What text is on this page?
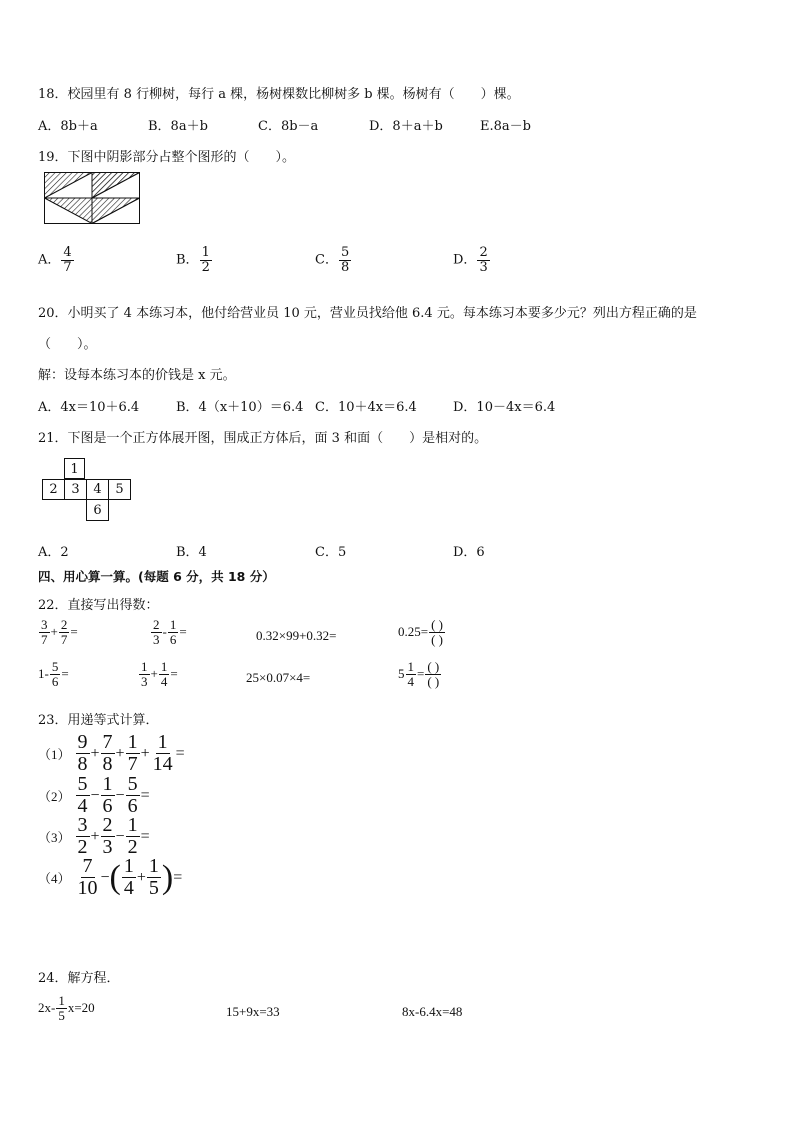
18．校园里有 8 行柳树，每行 a 棵，杨树棵数比柳树多 b 棵。杨树有（　　）棵。
A．8b＋a	B．8a＋b	C．8b－a	D．8＋a＋b	E.8a－b
19．下图中阴影部分占整个图形的（　　）。
A． $\frac{4}{7}$	B． $\frac{1}{2}$	C． $\frac{5}{8}$	D． $\frac{2}{3}$
20．小明买了 4 本练习本，他付给营业员 10 元，营业员找给他 6.4 元。每本练习本要多少元？列出方程正确的是
（　　）。
解：设每本练习本的价钱是 x 元。
A．4x＝10＋6.4	B．4（x＋10）＝6.4 C．10＋4x＝6.4	D．10－4x＝6.4
21．下图是一个正方体展开图，围成正方体后，面 3 和面（　　）是相对的。
1
2	3	4	5
6
A．2	B．4	C．5	D．6
四、用心算一算。(每题 6 分，共 18 分）
22．直接写出得数：
$\frac{3}{7} + \frac{2}{7}$ =	$\frac{2}{3} - \frac{1}{6}$ =	0.32×99+0.32=	$0.25= \frac{( )}{( )}$
$1- \frac{5}{6}$ =	$\frac{1}{3} + \frac{1}{4}$ =	25×0.07×4=	$5 \frac{1}{4} = \frac{( )}{( )}$
23．用递等式计算．
$(1) \frac{9}{8} + \frac{7}{8} + \frac{1}{7} + \frac{1}{14}$ =
$(2) \frac{5}{4} - \frac{1}{6} - \frac{5}{6}$ =
$(3) \frac{3}{2} + \frac{2}{3} - \frac{1}{2}$ =
$(4) \frac{7}{10}$ − ( $\frac{1}{4} + \frac{1}{5}$ ) =
24．解方程．
$2x- \frac{1}{5} x=20$	15+9x=33	8x-6.4x=48
